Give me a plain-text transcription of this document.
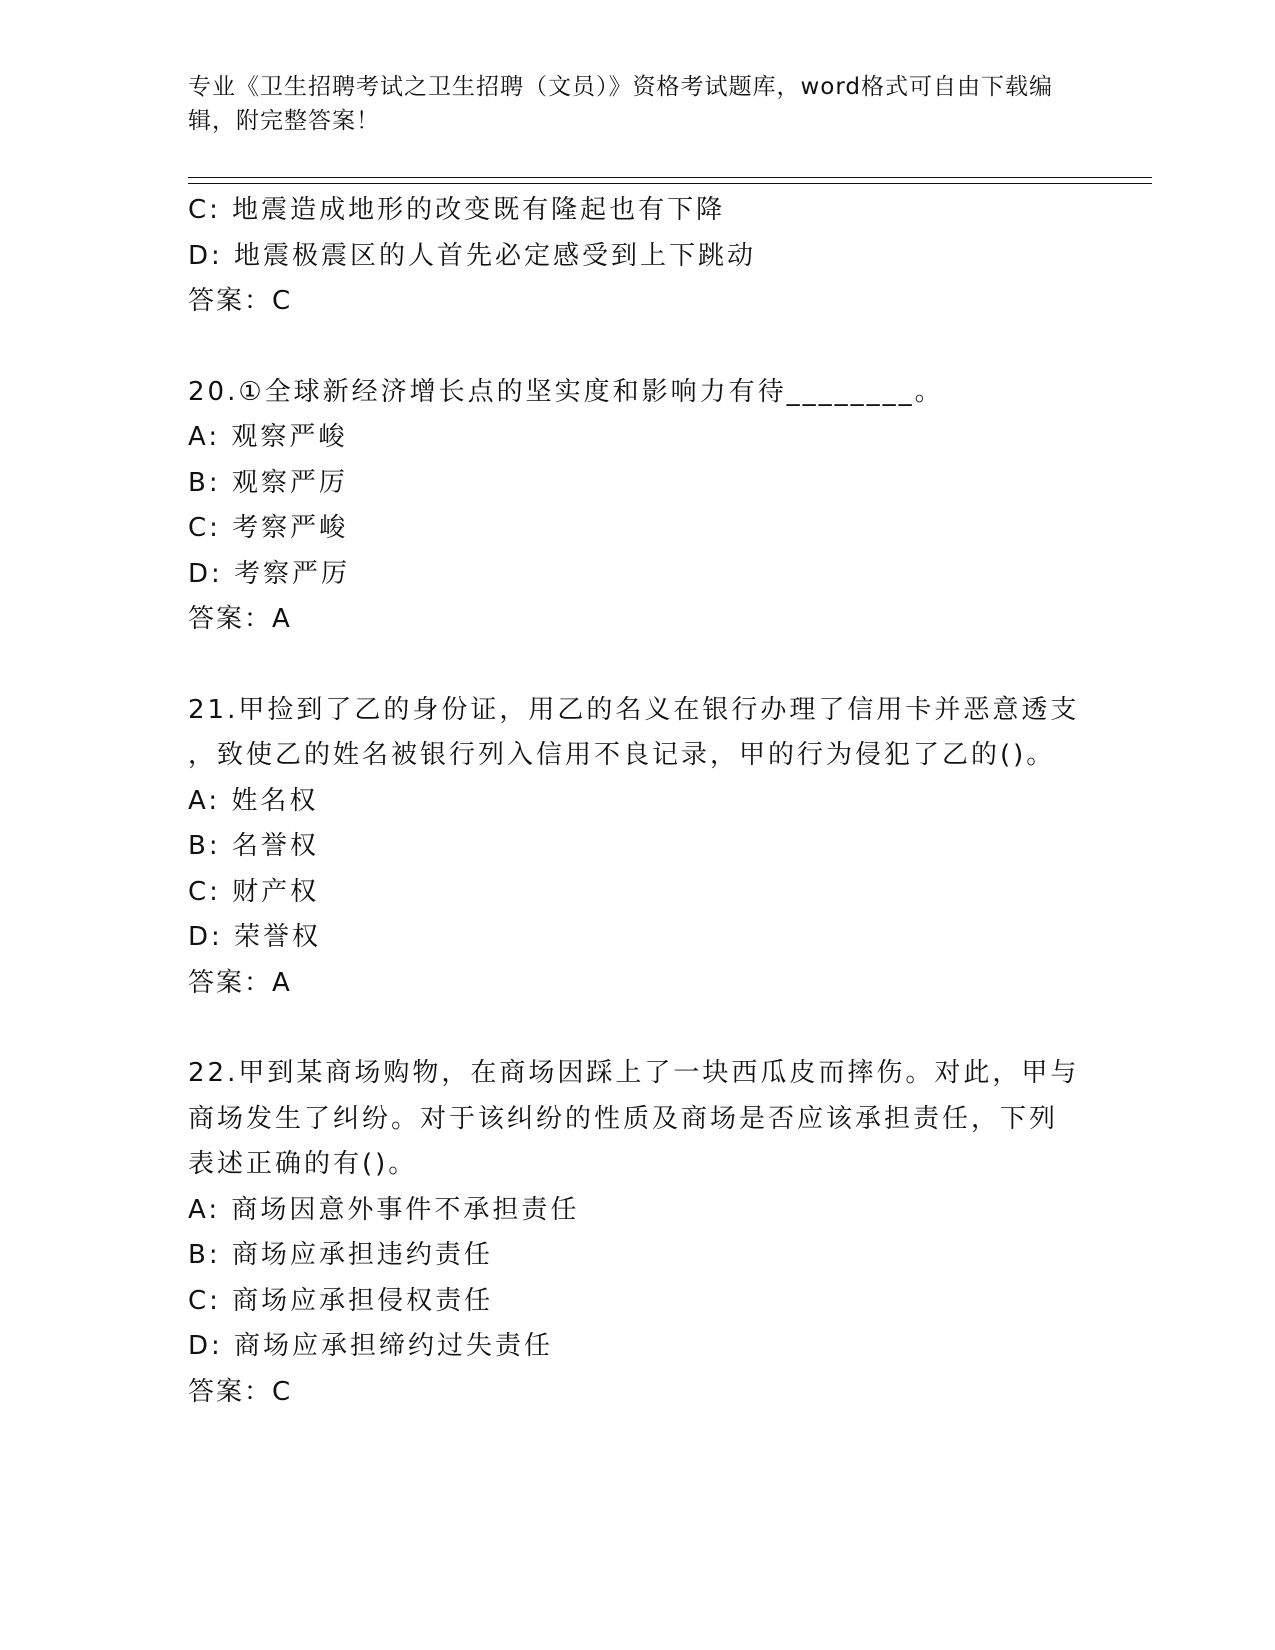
专业《卫生招聘考试之卫生招聘（文员）》资格考试题库，word格式可自由下载编辑，附完整答案！

C: 地震造成地形的改变既有隆起也有下降

D: 地震极震区的人首先必定感受到上下跳动

答案：C

20.①全球新经济增长点的坚实度和影响力有待________。

A: 观察严峻

B: 观察严厉

C: 考察严峻

D: 考察严厉

答案：A

21.甲捡到了乙的身份证，用乙的名义在银行办理了信用卡并恶意透支

，致使乙的姓名被银行列入信用不良记录，甲的行为侵犯了乙的()。

A: 姓名权

B: 名誉权

C: 财产权

D: 荣誉权

答案：A

22.甲到某商场购物，在商场因踩上了一块西瓜皮而摔伤。对此，甲与

商场发生了纠纷。对于该纠纷的性质及商场是否应该承担责任，下列

表述正确的有()。

A: 商场因意外事件不承担责任

B: 商场应承担违约责任

C: 商场应承担侵权责任

D: 商场应承担缔约过失责任

答案：C
